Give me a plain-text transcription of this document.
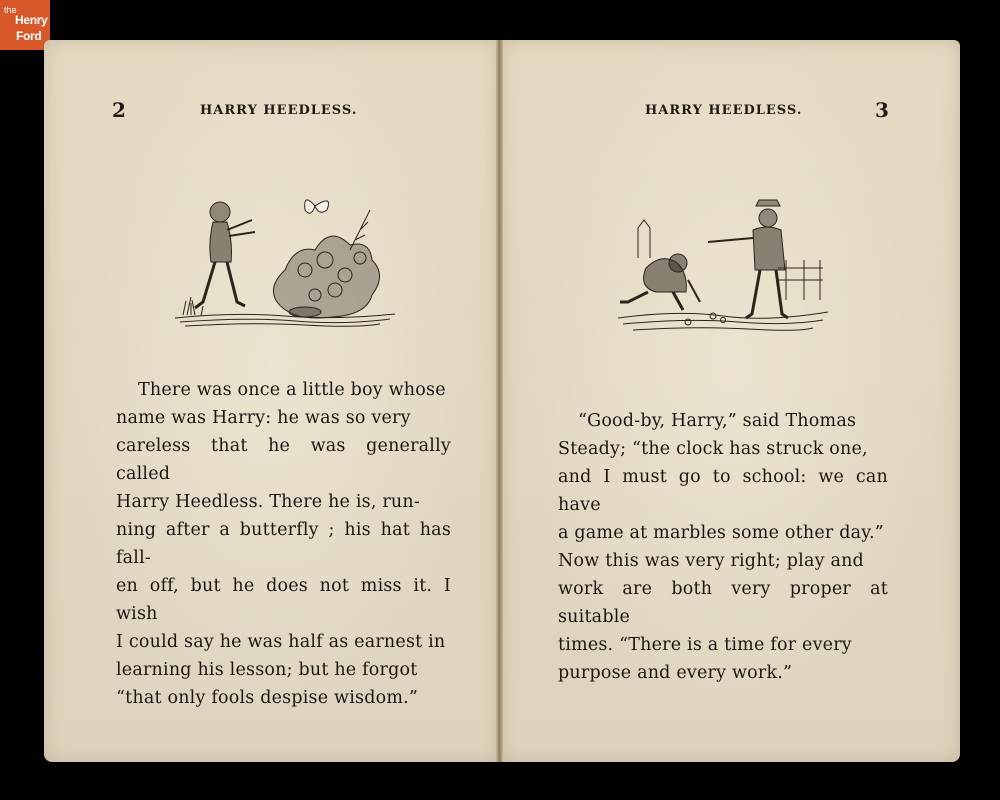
the
Henry
Ford
2	HARRY HEEDLESS.

There was once a little boy whose

name was Harry: he was so very

careless that he was generally called

Harry Heedless. There he is, run-

ning after a butterfly ; his hat has fall-

en off, but he does not miss it. I wish

I could say he was half as earnest in

learning his lesson; but he forgot

“that only fools despise wisdom.”

HARRY HEEDLESS.	3

“Good-by, Harry,” said Thomas

Steady; “the clock has struck one,

and I must go to school: we can have

a game at marbles some other day.”

Now this was very right; play and

work are both very proper at suitable

times. “There is a time for every

purpose and every work.”
